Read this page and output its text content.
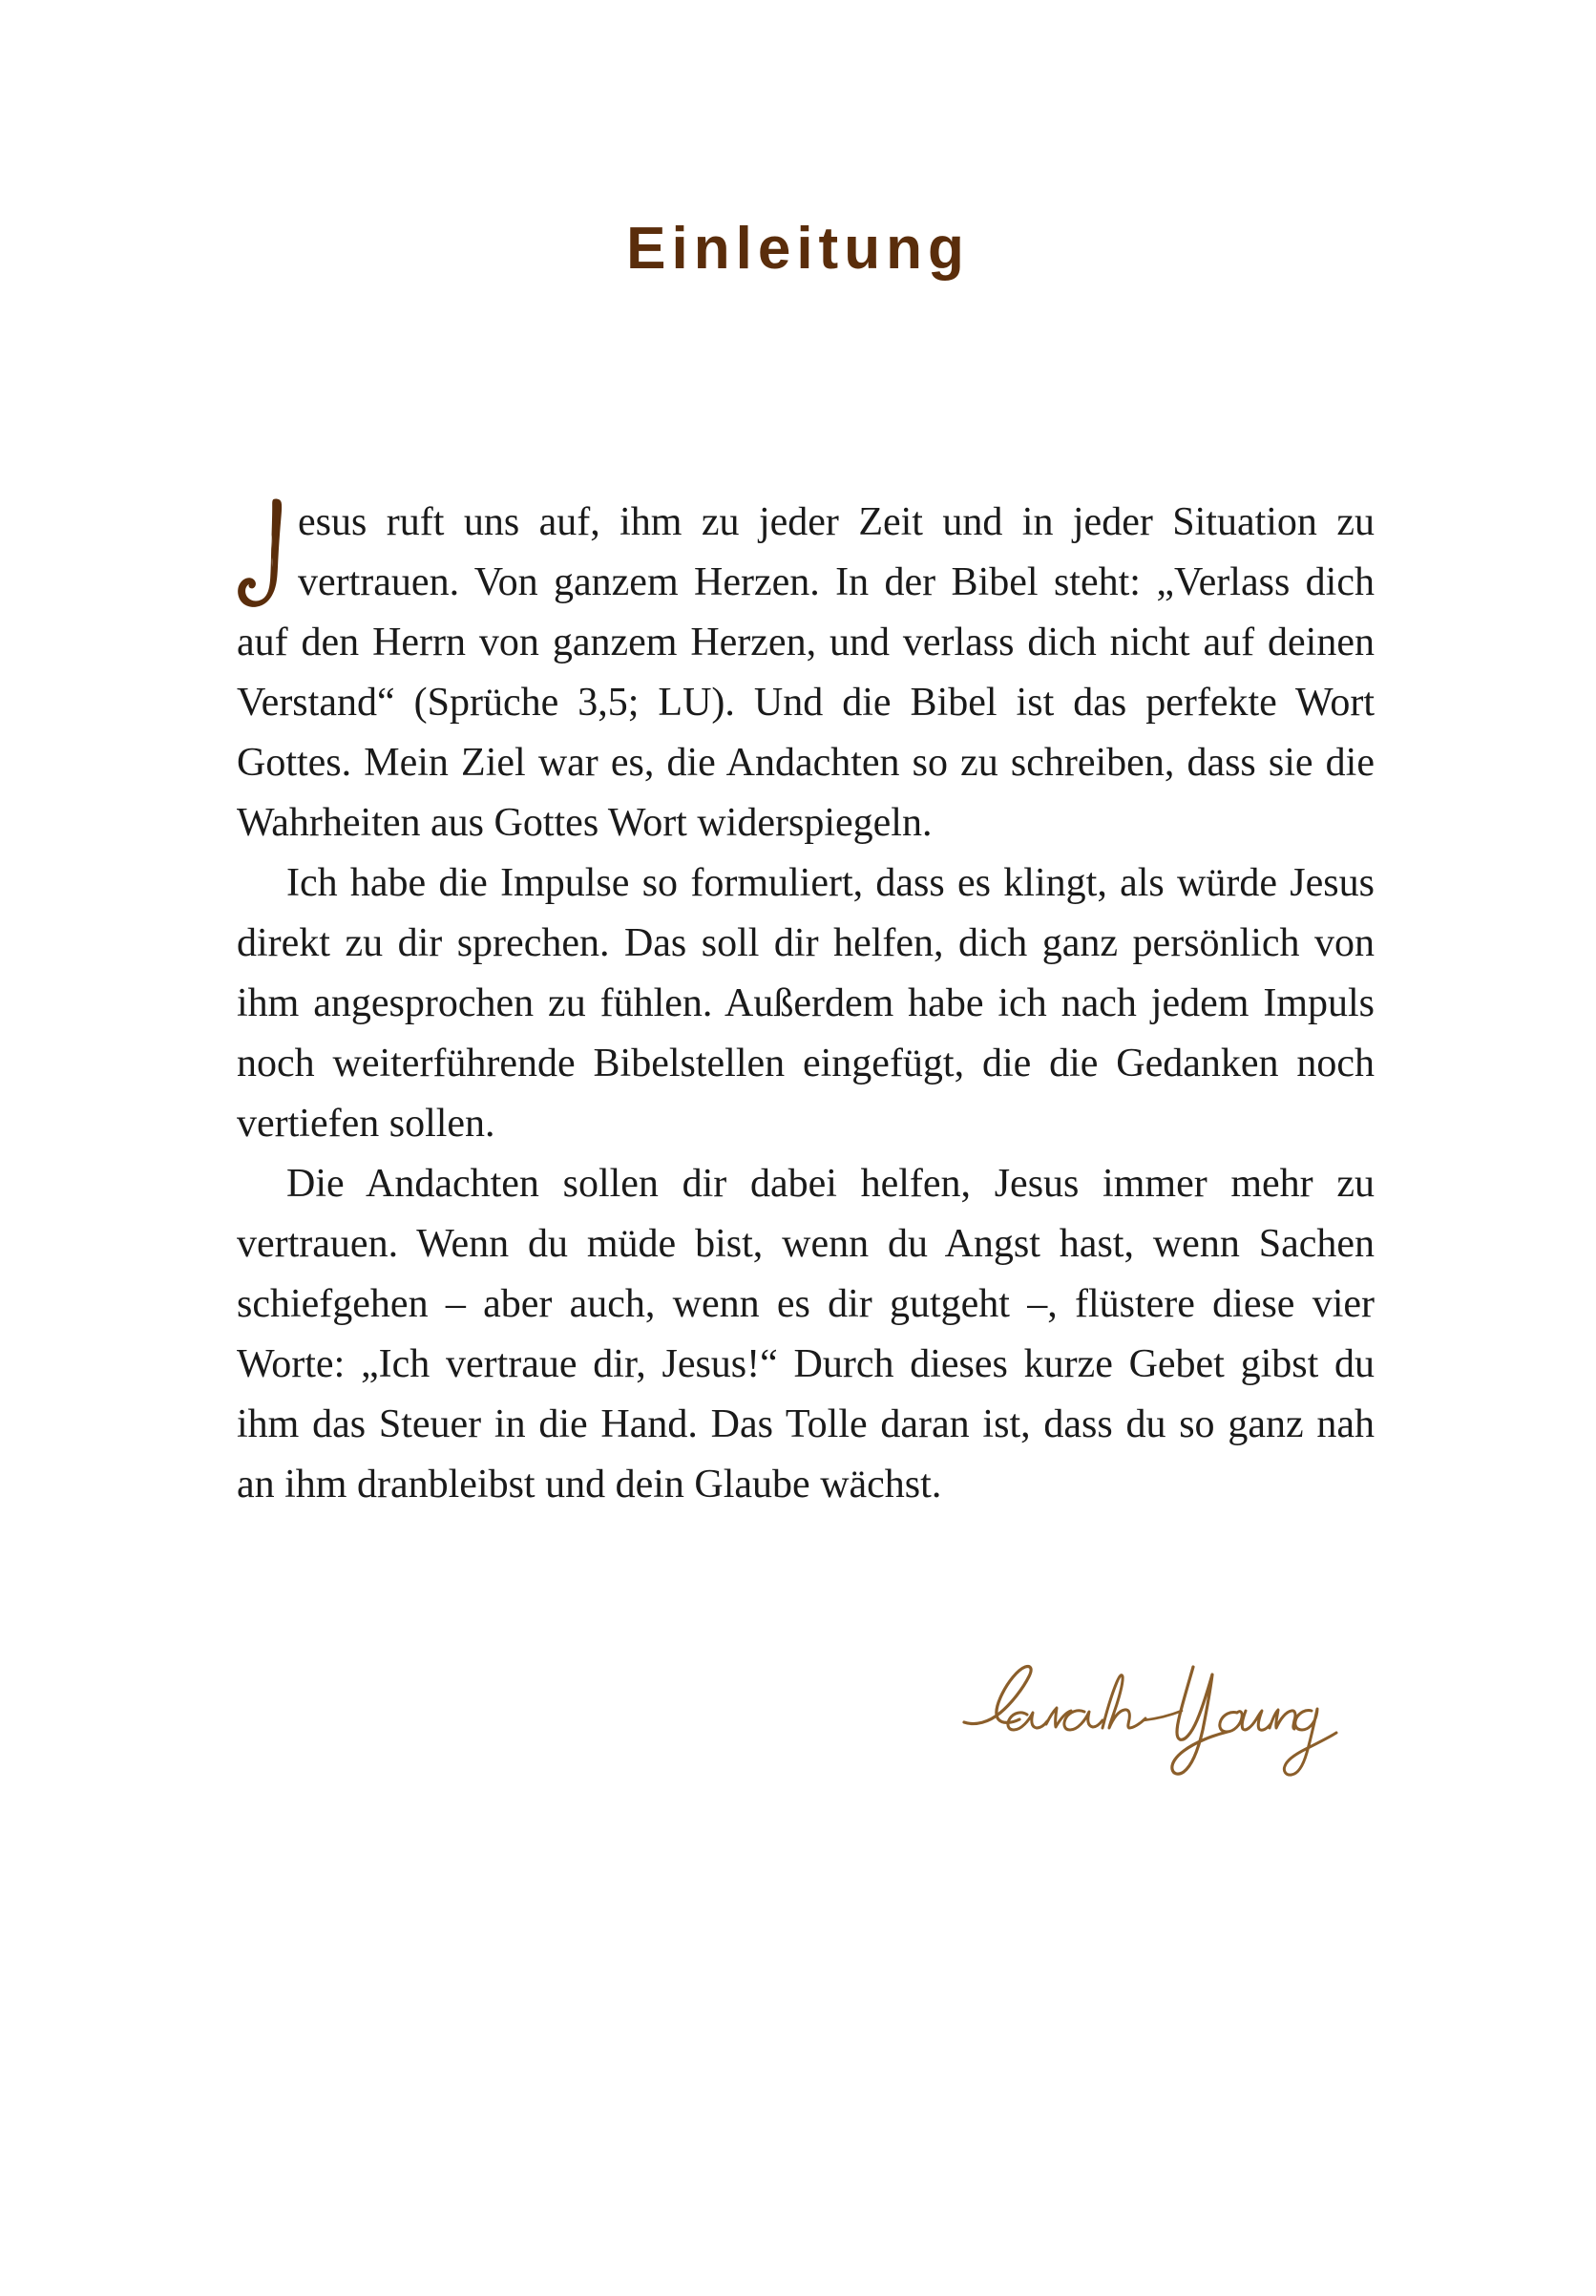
Einleitung

esus ruft uns auf, ihm zu jeder Zeit und in jeder Situation zu vertrauen. Von ganzem Herzen. In der Bibel steht: „Verlass dich auf den Herrn von ganzem Herzen, und verlass dich nicht auf deinen Verstand“ (Sprüche 3,5; LU). Und die Bibel ist das perfekte Wort Gottes. Mein Ziel war es, die Andachten so zu schreiben, dass sie die Wahrheiten aus Gottes Wort widerspiegeln.

Ich habe die Impulse so formuliert, dass es klingt, als würde Jesus direkt zu dir sprechen. Das soll dir helfen, dich ganz persönlich von ihm angesprochen zu fühlen. Außerdem habe ich nach jedem Impuls noch weiterführende Bibelstellen eingefügt, die die Gedanken noch vertiefen sollen.

Die Andachten sollen dir dabei helfen, Jesus immer mehr zu vertrauen. Wenn du müde bist, wenn du Angst hast, wenn Sachen schiefgehen – aber auch, wenn es dir gutgeht –, flüstere diese vier Worte: „Ich vertraue dir, Jesus!“ Durch dieses kurze Gebet gibst du ihm das Steuer in die Hand. Das Tolle daran ist, dass du so ganz nah an ihm dranbleibst und dein Glaube wächst.
